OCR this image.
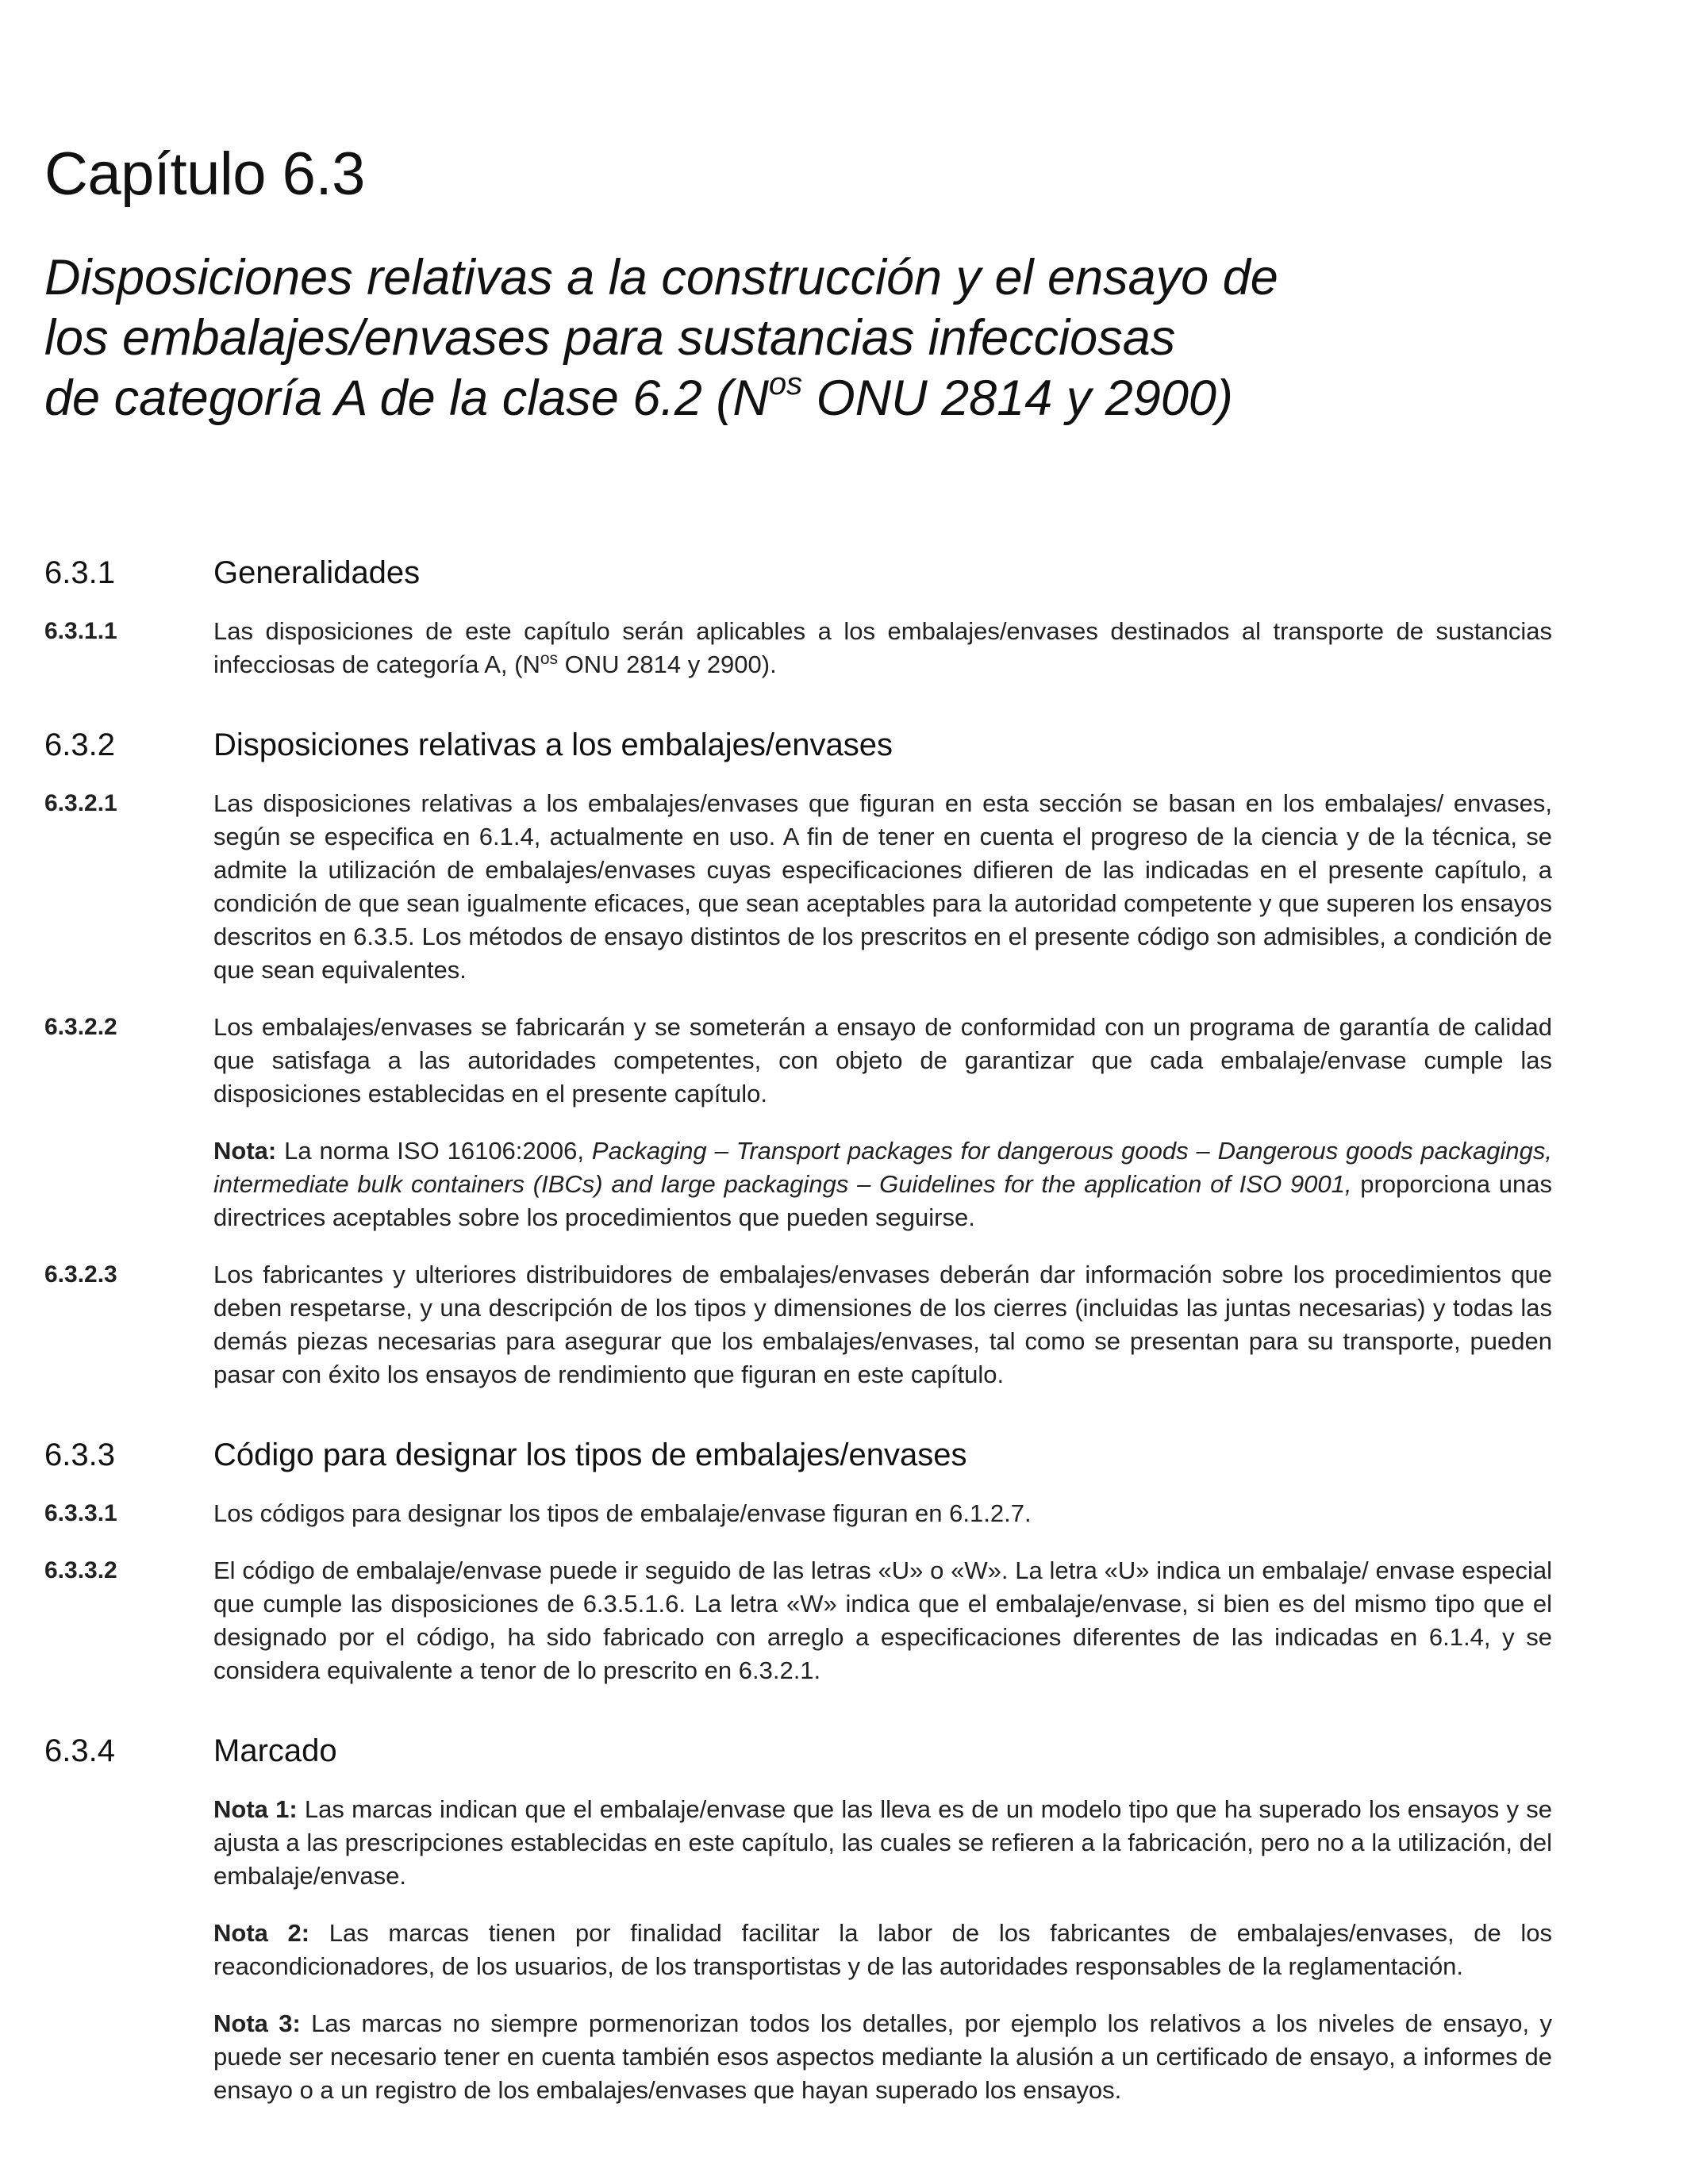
Capítulo 6.3
Disposiciones relativas a la construcción y el ensayo de
los embalajes/envases para sustancias infecciosas
de categoría A de la clase 6.2 ($N^{os}$ ONU 2814 y 2900)
6.3.1	Generalidades
6.3.1.1	Las disposiciones de este capítulo serán aplicables a los embalajes/envases destinados al transporte de sustancias infecciosas de categoría A, ($N^{os}$ ONU 2814 y 2900).
6.3.2	Disposiciones relativas a los embalajes/envases
6.3.2.1	Las disposiciones relativas a los embalajes/envases que figuran en esta sección se basan en los embalajes/ envases, según se especifica en 6.1.4, actualmente en uso. A fin de tener en cuenta el progreso de la ciencia y de la técnica, se admite la utilización de embalajes/envases cuyas especificaciones difieren de las indicadas en el presente capítulo, a condición de que sean igualmente eficaces, que sean aceptables para la autoridad competente y que superen los ensayos descritos en 6.3.5. Los métodos de ensayo distintos de los prescritos en el presente código son admisibles, a condición de que sean equivalentes.
6.3.2.2	Los embalajes/envases se fabricarán y se someterán a ensayo de conformidad con un programa de garantía de calidad que satisfaga a las autoridades competentes, con objeto de garantizar que cada embalaje/envase cumple las disposiciones establecidas en el presente capítulo.
Nota: La norma ISO 16106:2006, Packaging – Transport packages for dangerous goods – Dangerous goods packagings, intermediate bulk containers (IBCs) and large packagings – Guidelines for the application of ISO 9001, proporciona unas directrices aceptables sobre los procedimientos que pueden seguirse.
6.3.2.3	Los fabricantes y ulteriores distribuidores de embalajes/envases deberán dar información sobre los procedimientos que deben respetarse, y una descripción de los tipos y dimensiones de los cierres (incluidas las juntas necesarias) y todas las demás piezas necesarias para asegurar que los embalajes/envases, tal como se presentan para su transporte, pueden pasar con éxito los ensayos de rendimiento que figuran en este capítulo.
6.3.3	Código para designar los tipos de embalajes/envases
6.3.3.1	Los códigos para designar los tipos de embalaje/envase figuran en 6.1.2.7.
6.3.3.2	El código de embalaje/envase puede ir seguido de las letras «U» o «W». La letra «U» indica un embalaje/ envase especial que cumple las disposiciones de 6.3.5.1.6. La letra «W» indica que el embalaje/envase, si bien es del mismo tipo que el designado por el código, ha sido fabricado con arreglo a especificaciones diferentes de las indicadas en 6.1.4, y se considera equivalente a tenor de lo prescrito en 6.3.2.1.
6.3.4	Marcado
Nota 1: Las marcas indican que el embalaje/envase que las lleva es de un modelo tipo que ha superado los ensayos y se ajusta a las prescripciones establecidas en este capítulo, las cuales se refieren a la fabricación, pero no a la utilización, del embalaje/envase.
Nota 2: Las marcas tienen por finalidad facilitar la labor de los fabricantes de embalajes/envases, de los reacondicionadores, de los usuarios, de los transportistas y de las autoridades responsables de la reglamentación.
Nota 3: Las marcas no siempre pormenorizan todos los detalles, por ejemplo los relativos a los niveles de ensayo, y puede ser necesario tener en cuenta también esos aspectos mediante la alusión a un certificado de ensayo, a informes de ensayo o a un registro de los embalajes/envases que hayan superado los ensayos.
